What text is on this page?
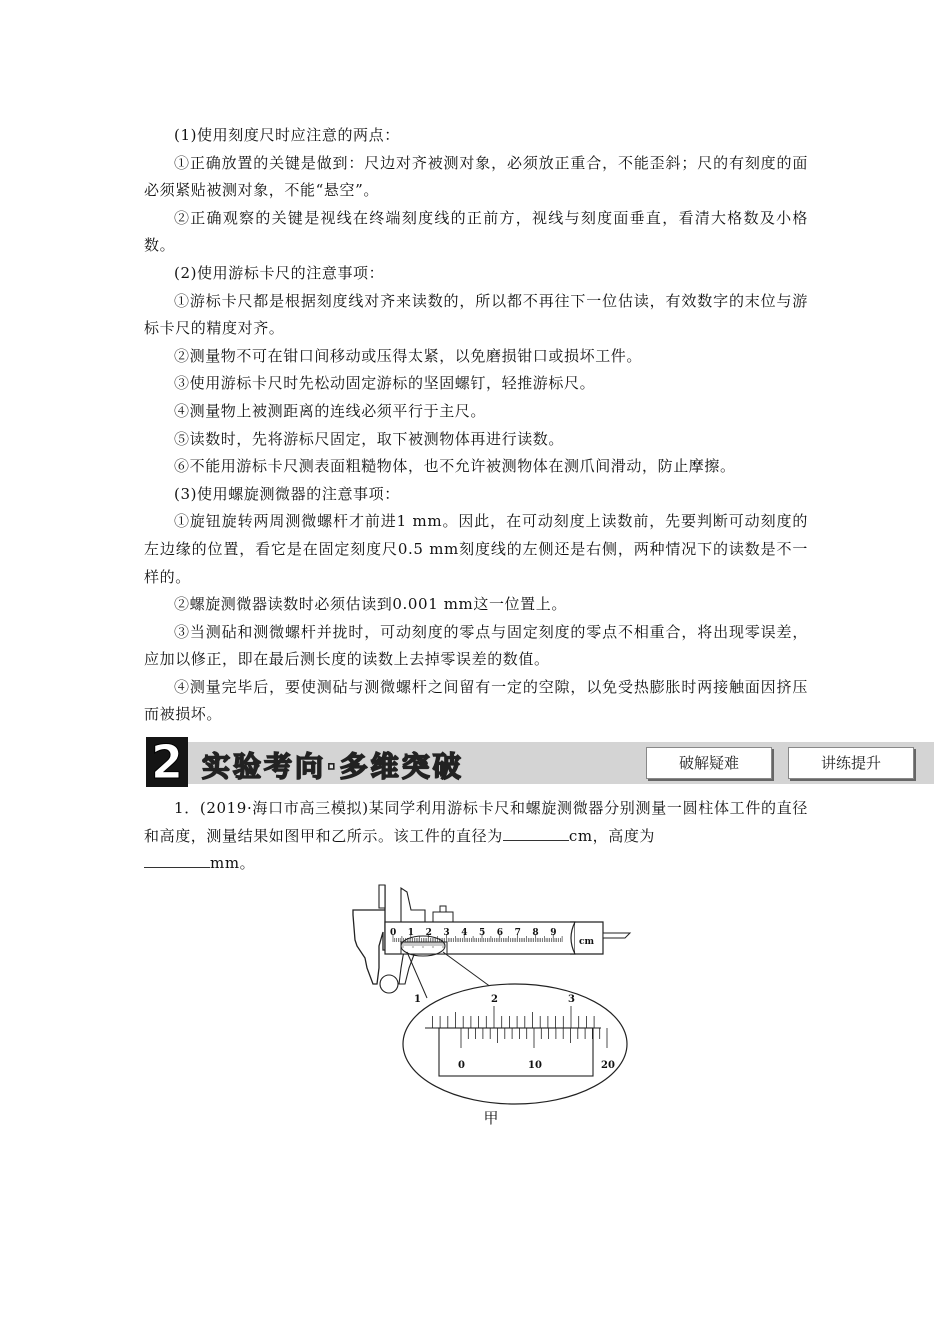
(1)使用刻度尺时应注意的两点：

①正确放置的关键是做到：尺边对齐被测对象，必须放正重合，不能歪斜；尺的有刻度的面必须紧贴被测对象，不能“悬空”。

②正确观察的关键是视线在终端刻度线的正前方，视线与刻度面垂直，看清大格数及小格数。

(2)使用游标卡尺的注意事项：

①游标卡尺都是根据刻度线对齐来读数的，所以都不再往下一位估读，有效数字的末位与游标卡尺的精度对齐。

②测量物不可在钳口间移动或压得太紧，以免磨损钳口或损坏工件。

③使用游标卡尺时先松动固定游标的坚固螺钉，轻推游标尺。

④测量物上被测距离的连线必须平行于主尺。

⑤读数时，先将游标尺固定，取下被测物体再进行读数。

⑥不能用游标卡尺测表面粗糙物体，也不允许被测物体在测爪间滑动，防止摩擦。

(3)使用螺旋测微器的注意事项：

①旋钮旋转两周测微螺杆才前进1 mm。因此，在可动刻度上读数前，先要判断可动刻度的左边缘的位置，看它是在固定刻度尺0.5 mm刻度线的左侧还是右侧，两种情况下的读数是不一样的。

②螺旋测微器读数时必须估读到0.001 mm这一位置上。

③当测砧和测微螺杆并拢时，可动刻度的零点与固定刻度的零点不相重合，将出现零误差，应加以修正，即在最后测长度的读数上去掉零误差的数值。

④测量完毕后，要使测砧与测微螺杆之间留有一定的空隙，以免受热膨胀时两接触面因挤压而被损坏。

2 实验考向·多维突破	破解疑难	讲练提升

1．(2019·海口市高三模拟)某同学利用游标卡尺和螺旋测微器分别测量一圆柱体工件的直径和高度，测量结果如图甲和乙所示。该工件的直径为	cm，高度为
mm。

cm
0 1 2 3 4 5 6 7 8 9
1	2	3
0	10	20
甲
